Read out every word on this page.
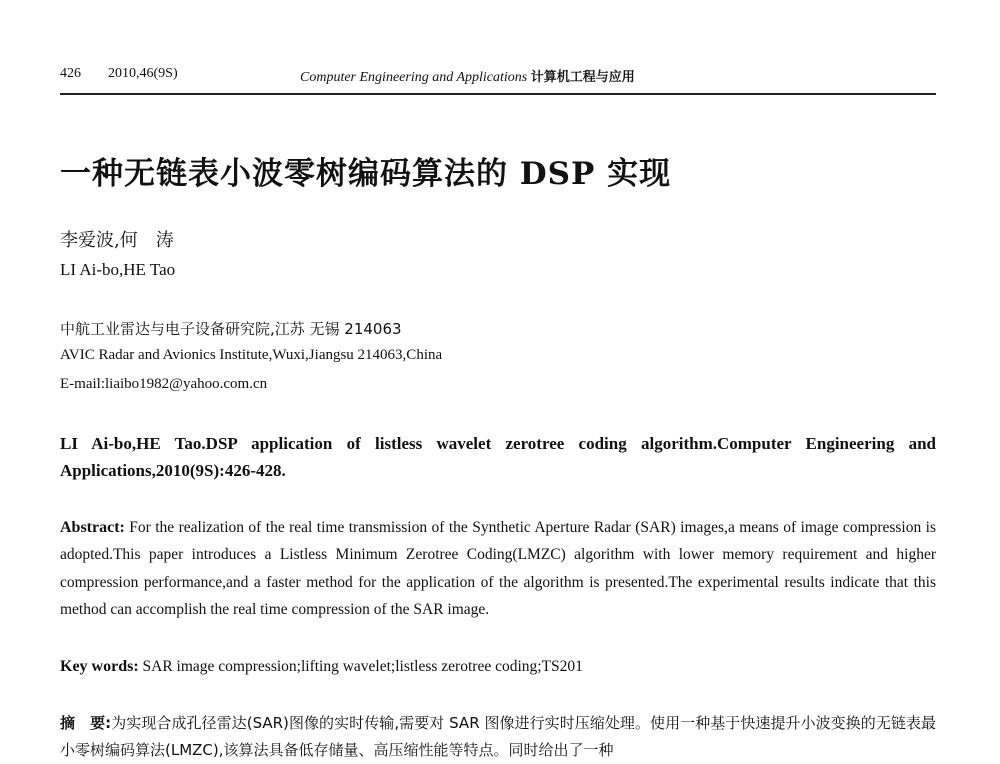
426 2010,46(9S)	Computer Engineering and Applications 计算机工程与应用
一种无链表小波零树编码算法的 DSP 实现
李爱波,何　涛
LI Ai-bo,HE Tao
中航工业雷达与电子设备研究院,江苏 无锡 214063
AVIC Radar and Avionics Institute,Wuxi,Jiangsu 214063,China
E-mail:liaibo1982@yahoo.com.cn
LI Ai-bo,HE Tao.DSP application of listless wavelet zerotree coding algorithm.Computer Engineering and Applications,2010(9S):426-428.
Abstract: For the realization of the real time transmission of the Synthetic Aperture Radar (SAR) images,a means of image compression is adopted.This paper introduces a Listless Minimum Zerotree Coding(LMZC) algorithm with lower memory requirement and higher compression performance,and a faster method for the application of the algorithm is presented.The experimental results indicate that this method can accomplish the real time compression of the SAR image.
Key words: SAR image compression;lifting wavelet;listless zerotree coding;TS201
摘　要:为实现合成孔径雷达(SAR)图像的实时传输,需要对 SAR 图像进行实时压缩处理。使用一种基于快速提升小波变换的无链表最小零树编码算法(LMZC),该算法具备低存储量、高压缩性能等特点。同时给出了一种
